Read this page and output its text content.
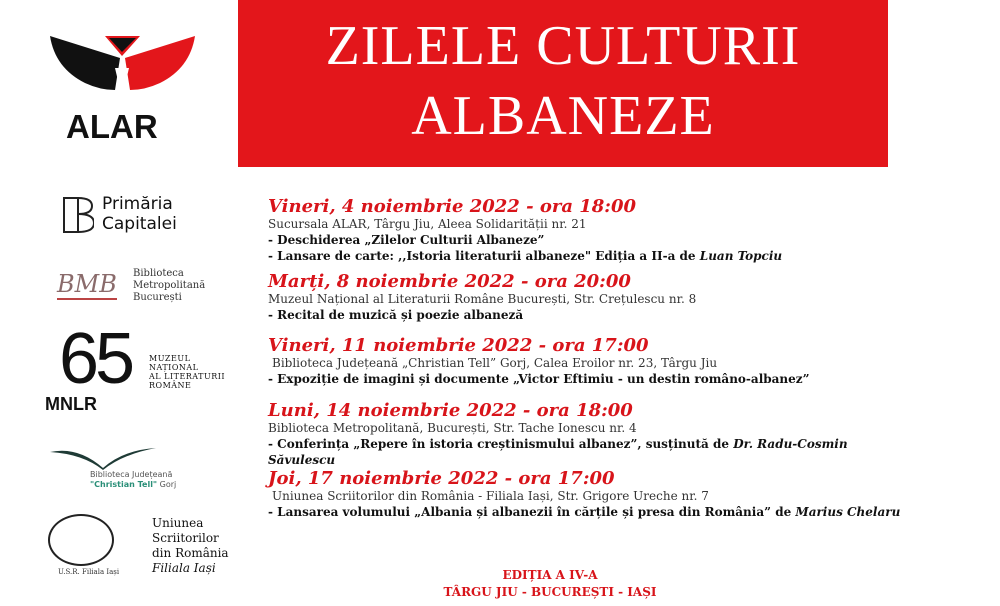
ALAR
ZILELE CULTURII
ALBANEZE
Primăria
Capitalei
BMB Biblioteca
Metropolitană
București
65
MNLR
MUZEUL
NAȚIONAL
AL LITERATURII
ROMÂNE
Biblioteca Județeană
"Christian Tell" Gorj
U.S.R. Filiala Iași
Uniunea
Scriitorilor
din România
Filiala Iași
Vineri, 4 noiembrie 2022 - ora 18:00
Sucursala ALAR, Târgu Jiu, Aleea Solidarității nr. 21
- Deschiderea „Zilelor Culturii Albaneze”
- Lansare de carte: ,,Istoria literaturii albaneze" Ediția a II-a de Luan Topciu
Marți, 8 noiembrie 2022 - ora 20:00
Muzeul Național al Literaturii Române București, Str. Crețulescu nr. 8
- Recital de muzică și poezie albaneză
Vineri, 11 noiembrie 2022 - ora 17:00
Biblioteca Județeană „Christian Tell” Gorj, Calea Eroilor nr. 23, Târgu Jiu
- Expoziție de imagini și documente „Victor Eftimiu - un destin româno-albanez”
Luni, 14 noiembrie 2022 - ora 18:00
Biblioteca Metropolitană, București, Str. Tache Ionescu nr. 4
- Conferința „Repere în istoria creștinismului albanez”, susținută de Dr. Radu-Cosmin Săvulescu
Joi, 17 noiembrie 2022 - ora 17:00
Uniunea Scriitorilor din România - Filiala Iași, Str. Grigore Ureche nr. 7
- Lansarea volumului „Albania și albanezii în cărțile și presa din România” de Marius Chelaru
EDIȚIA A IV-A
TÂRGU JIU - BUCUREȘTI - IAȘI
